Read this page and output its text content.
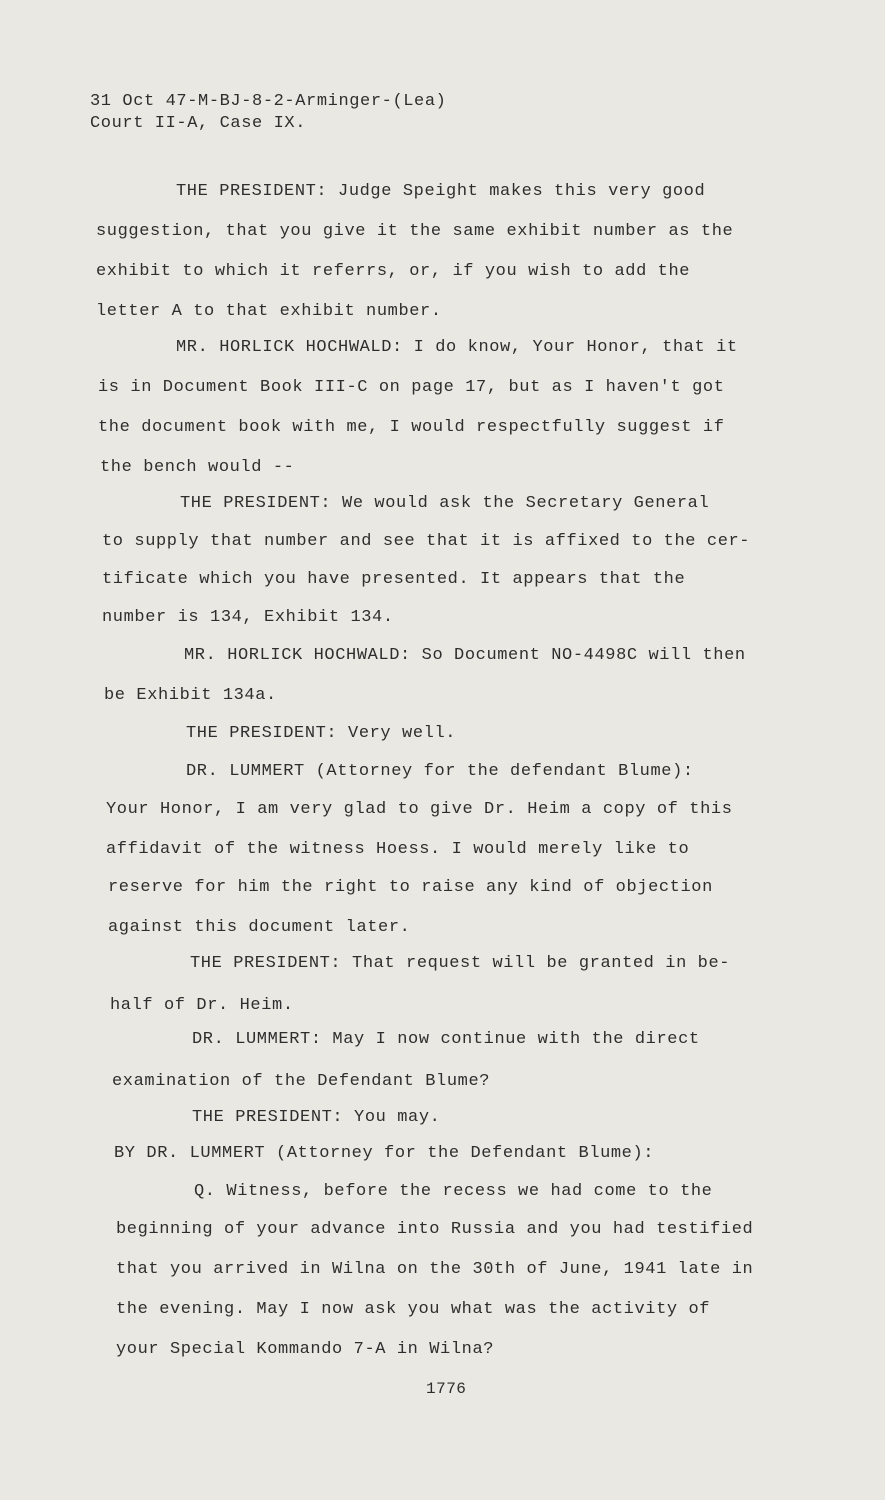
31 Oct 47-M-BJ-8-2-Arminger-(Lea)
Court II-A, Case IX.
THE PRESIDENT: Judge Speight makes this very good
suggestion, that you give it the same exhibit number as the
exhibit to which it referrs, or, if you wish to add the
letter A to that exhibit number.
MR. HORLICK HOCHWALD: I do know, Your Honor, that it
is in Document Book III-C on page 17, but as I haven't got
the document book with me, I would respectfully suggest if
the bench would --
THE PRESIDENT: We would ask the Secretary General
to supply that number and see that it is affixed to the cer-
tificate which you have presented. It appears that the
number is 134, Exhibit 134.
MR. HORLICK HOCHWALD: So Document NO-4498C will then
be Exhibit 134a.
THE PRESIDENT: Very well.
DR. LUMMERT (Attorney for the defendant Blume):
Your Honor, I am very glad to give Dr. Heim a copy of this
affidavit of the witness Hoess. I would merely like to
reserve for him the right to raise any kind of objection
against this document later.
THE PRESIDENT: That request will be granted in be-
half of Dr. Heim.
DR. LUMMERT: May I now continue with the direct
examination of the Defendant Blume?
THE PRESIDENT: You may.
BY DR. LUMMERT (Attorney for the Defendant Blume):
Q. Witness, before the recess we had come to the
beginning of your advance into Russia and you had testified
that you arrived in Wilna on the 30th of June, 1941 late in
the evening. May I now ask you what was the activity of
your Special Kommando 7-A in Wilna?
1776
